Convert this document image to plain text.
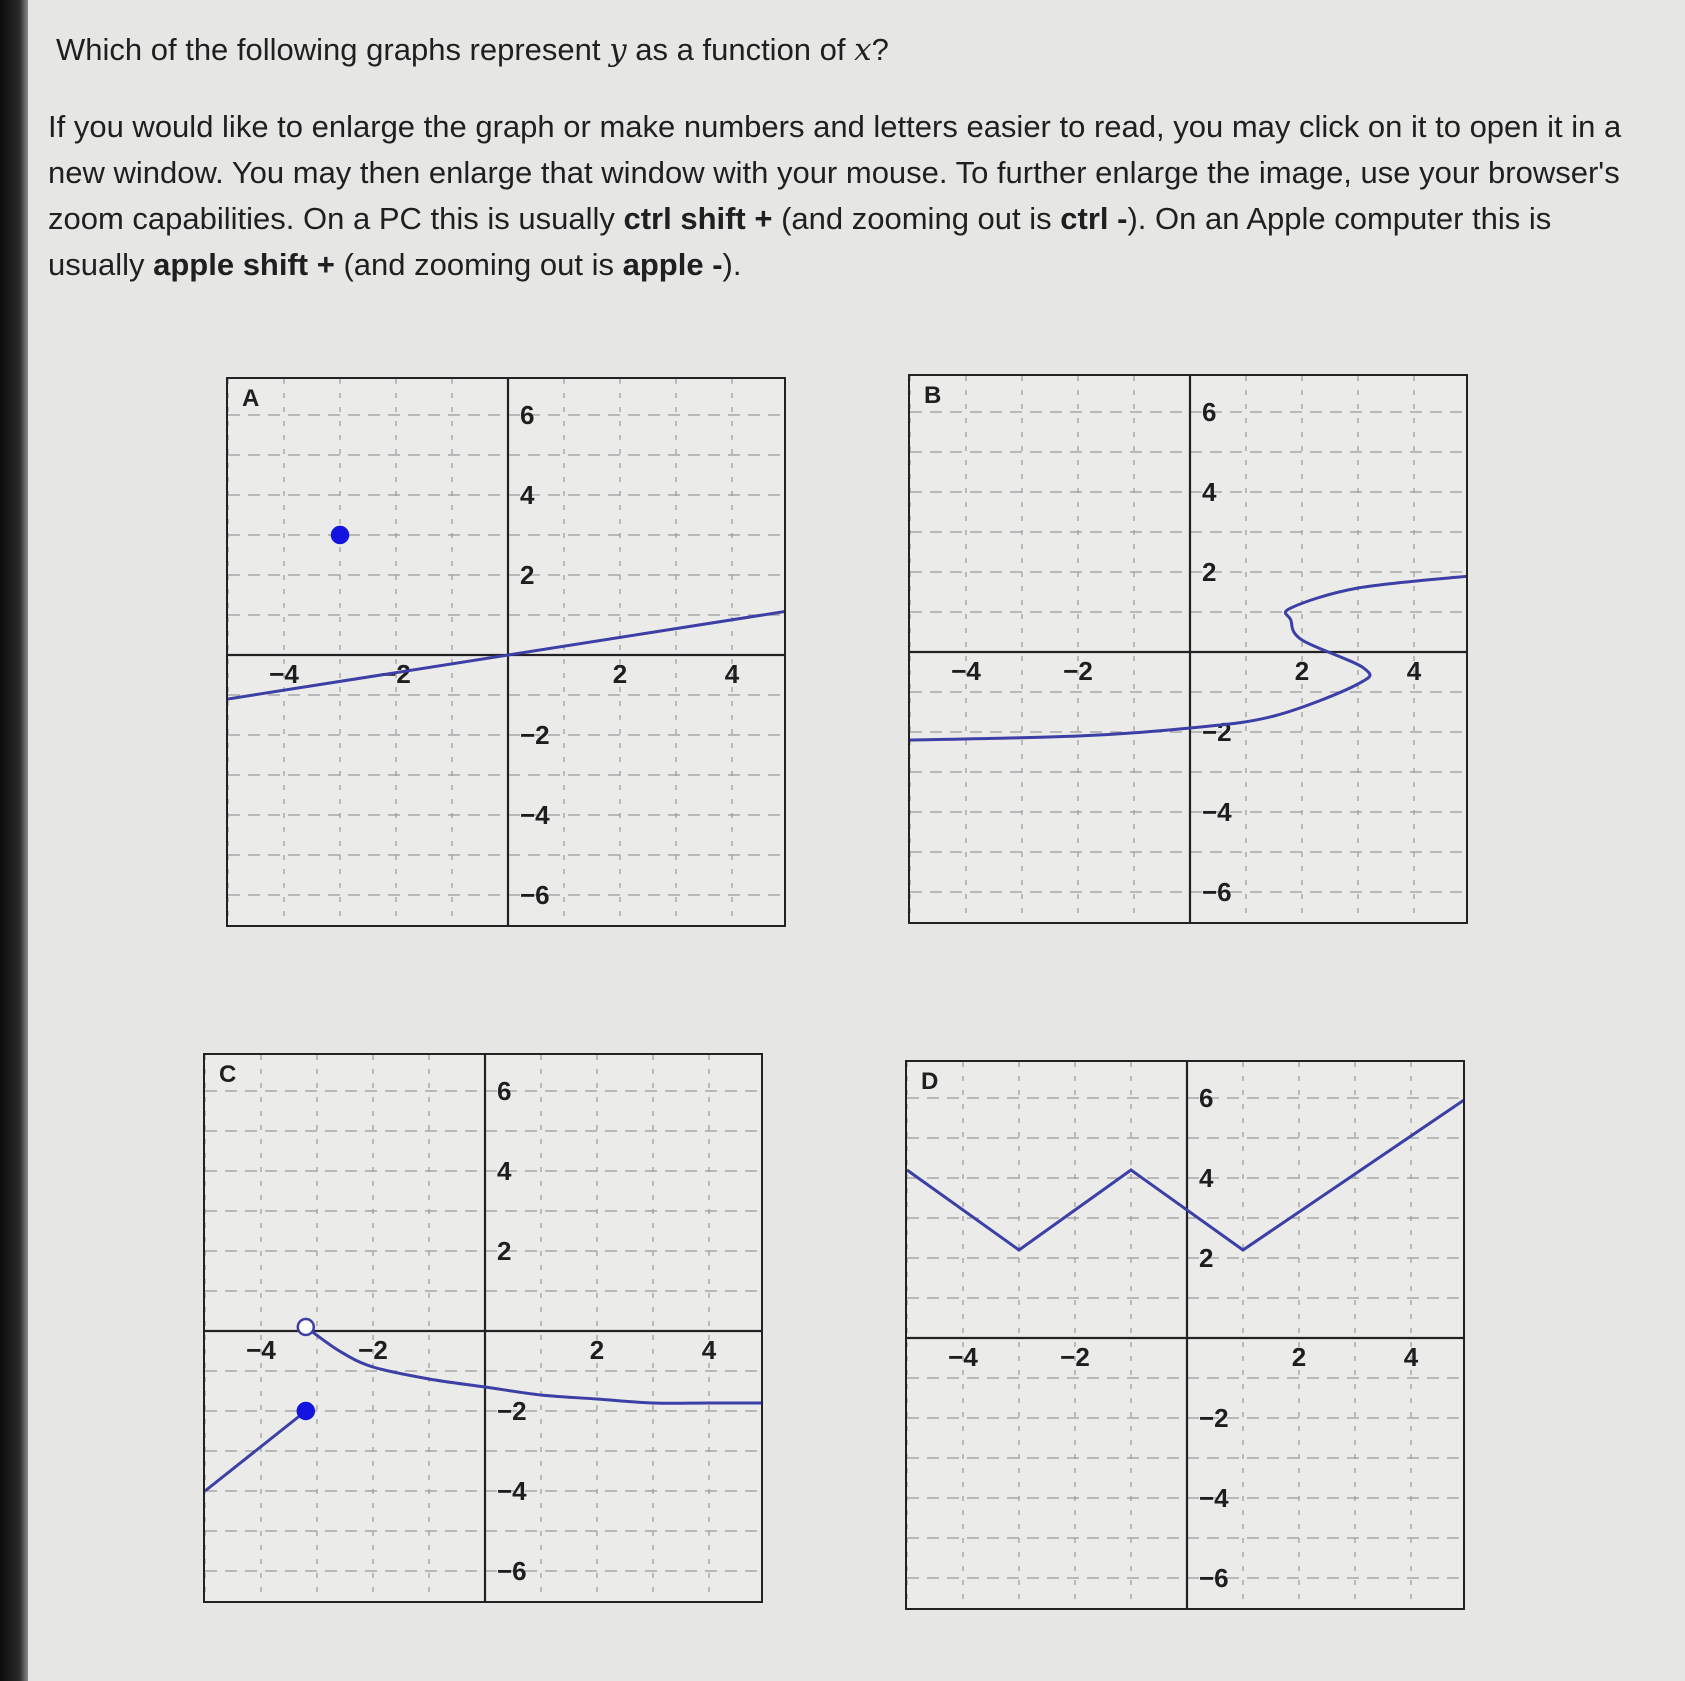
Which of the following graphs represent y as a function of x?

If you would like to enlarge the graph or make numbers and letters easier to read, you may click on it to open it in a new window. You may then enlarge that window with your mouse. To further enlarge the image, use your browser's zoom capabilities. On a PC this is usually ctrl shift + (and zooming out is ctrl -). On an Apple computer this is usually apple shift + (and zooming out is apple -).
−4	−2	2	4
6
4
2
−2
−4
−6
A
−4	−2	2	4
6
4
2
−2
−4
−6
B
−4	−2	2	4
6
4
2
−2
−4
−6
C
−4	−2	2	4
6
4
2
−2
−4
−6
D
